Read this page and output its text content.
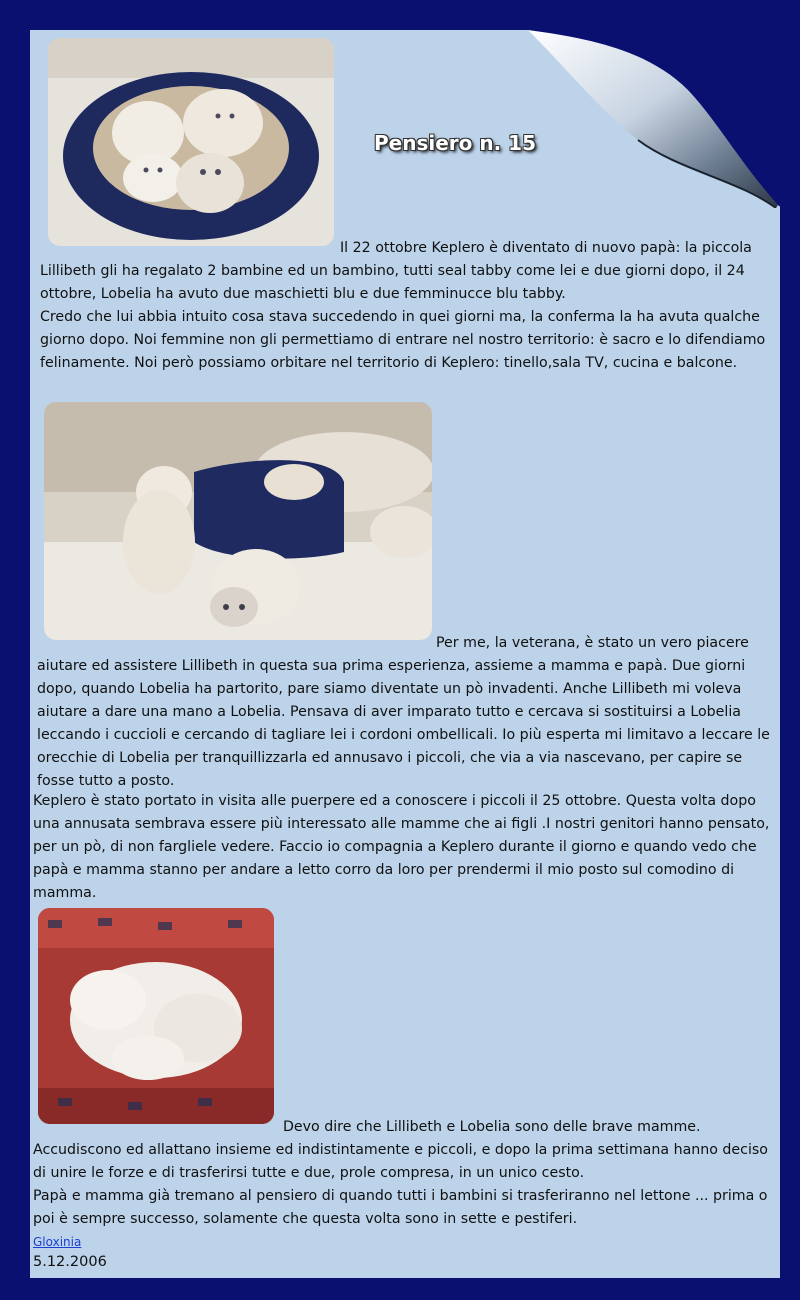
Pensiero n. 15
Il 22 ottobre Keplero è diventato di nuovo papà: la piccola
Lillibeth gli ha regalato 2 bambine ed un bambino, tutti seal tabby come lei e due giorni dopo, il 24 ottobre, Lobelia ha avuto due maschietti blu e due femminucce blu tabby.
Credo che lui abbia intuito cosa stava succedendo in quei giorni ma, la conferma la ha avuta qualche giorno dopo. Noi femmine non gli permettiamo di entrare nel nostro territorio: è sacro e lo difendiamo felinamente. Noi però possiamo orbitare nel territorio di Keplero: tinello,sala TV, cucina e balcone.
Per me, la veterana, è stato un vero piacere
aiutare ed assistere Lillibeth in questa sua prima esperienza, assieme a mamma e papà. Due giorni dopo, quando Lobelia ha partorito, pare siamo diventate un pò invadenti. Anche Lillibeth mi voleva aiutare a dare una mano a Lobelia. Pensava di aver imparato tutto e cercava si sostituirsi a Lobelia leccando i cuccioli e cercando di tagliare lei i cordoni ombellicali. Io più esperta mi limitavo a leccare le orecchie di Lobelia per tranquillizzarla ed annusavo i piccoli, che via a via nascevano, per capire se fosse tutto a posto.
Keplero è stato portato in visita alle puerpere ed a conoscere i piccoli il 25 ottobre. Questa volta dopo una annusata sembrava essere più interessato alle mamme che ai figli .I nostri genitori hanno pensato, per un pò, di non fargliele vedere. Faccio io compagnia a Keplero durante il giorno e quando vedo che papà e mamma stanno per andare a letto corro da loro per prendermi il mio posto sul comodino di mamma.
Devo dire che Lillibeth e Lobelia sono delle brave mamme.
Accudiscono ed allattano insieme ed indistintamente e piccoli, e dopo la prima settimana hanno deciso di unire le forze e di trasferirsi tutte e due, prole compresa, in un unico cesto.
Papà e mamma già tremano al pensiero di quando tutti i bambini si trasferiranno nel lettone ... prima o poi è sempre successo, solamente che questa volta sono in sette e pestiferi.
Gloxinia
5.12.2006
